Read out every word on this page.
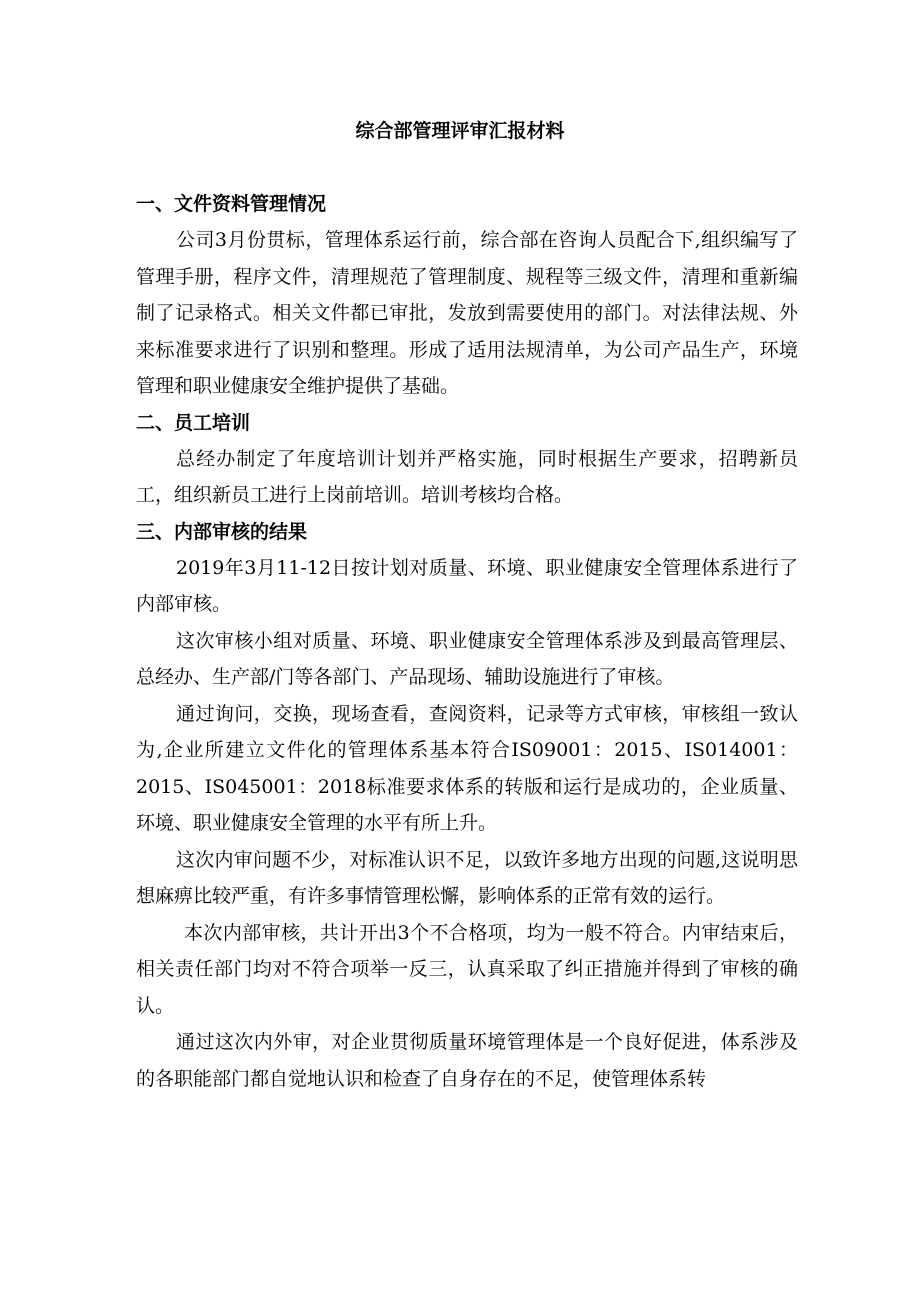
综合部管理评审汇报材料

一、文件资料管理情况

公司3月份贯标，管理体系运行前，综合部在咨询人员配合下,组织编写了管理手册，程序文件，清理规范了管理制度、规程等三级文件，清理和重新编制了记录格式。相关文件都已审批，发放到需要使用的部门。对法律法规、外来标准要求进行了识别和整理。形成了适用法规清单，为公司产品生产，环境管理和职业健康安全维护提供了基础。

二、员工培训

总经办制定了年度培训计划并严格实施，同时根据生产要求，招聘新员工，组织新员工进行上岗前培训。培训考核均合格。

三、内部审核的结果

2019年3月11-12日按计划对质量、环境、职业健康安全管理体系进行了内部审核。

这次审核小组对质量、环境、职业健康安全管理体系涉及到最高管理层、总经办、生产部/门等各部门、产品现场、辅助设施进行了审核。

通过询问，交换，现场查看，查阅资料，记录等方式审核，审核组一致认为,企业所建立文件化的管理体系基本符合IS09001：2015、IS014001：2015、IS045001：2018标准要求体系的转版和运行是成功的，企业质量、环境、职业健康安全管理的水平有所上升。

这次内审问题不少，对标准认识不足，以致许多地方出现的问题,这说明思想麻痹比较严重，有许多事情管理松懈，影响体系的正常有效的运行。

本次内部审核，共计开出3个不合格项，均为一般不符合。内审结束后，相关责任部门均对不符合项举一反三，认真采取了纠正措施并得到了审核的确认。

通过这次内外审，对企业贯彻质量环境管理体是一个良好促进，体系涉及的各职能部门都自觉地认识和检查了自身存在的不足，使管理体系转
